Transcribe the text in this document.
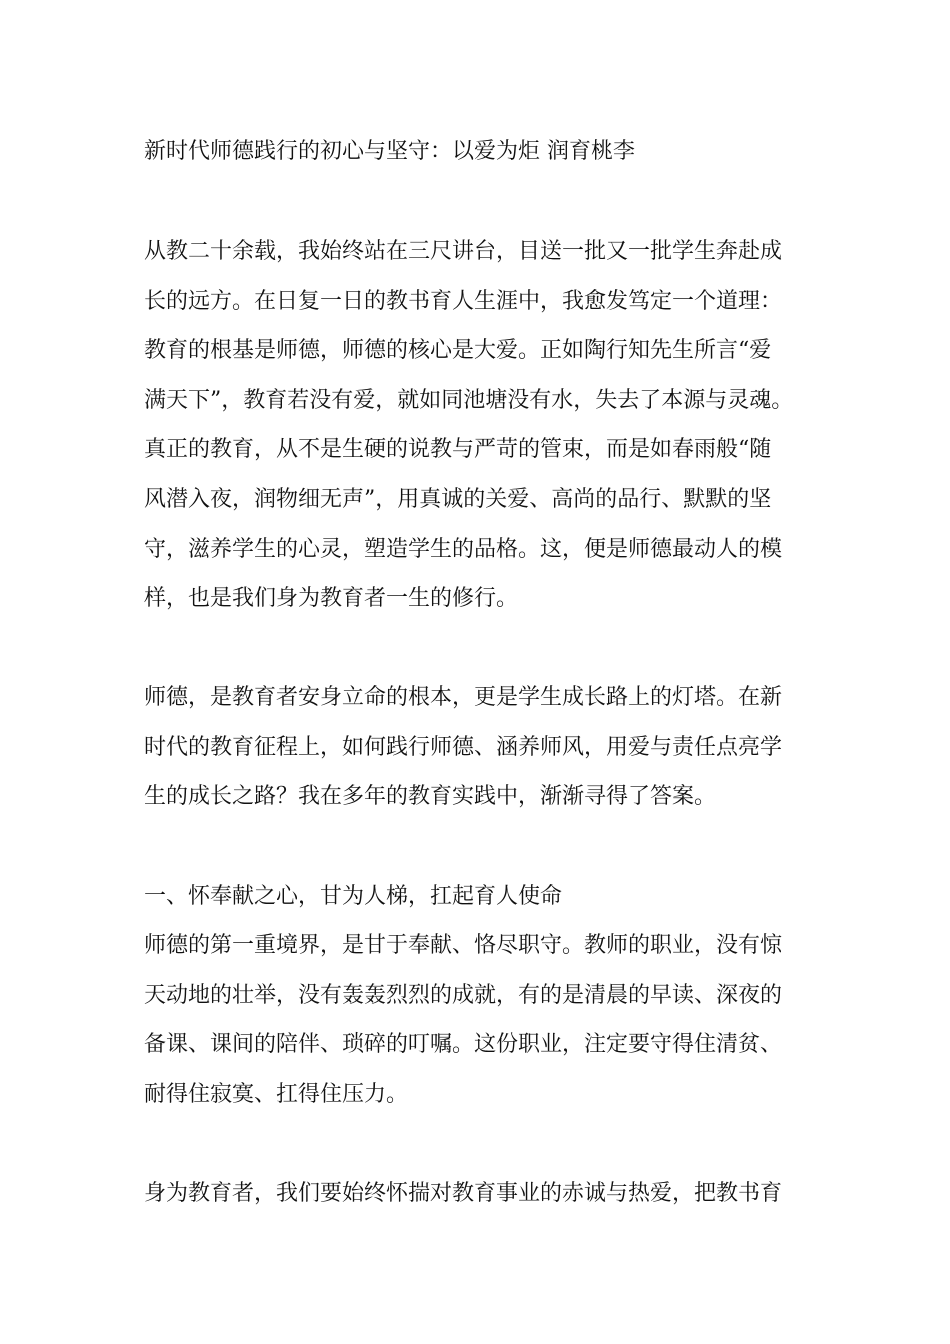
新时代师德践行的初心与坚守：以爱为炬 润育桃李
从教二十余载，我始终站在三尺讲台，目送一批又一批学生奔赴成
长的远方。在日复一日的教书育人生涯中，我愈发笃定一个道理：
教育的根基是师德，师德的核心是大爱。正如陶行知先生所言“爱
满天下”，教育若没有爱，就如同池塘没有水，失去了本源与灵魂。
真正的教育，从不是生硬的说教与严苛的管束，而是如春雨般“随
风潜入夜，润物细无声”，用真诚的关爱、高尚的品行、默默的坚
守，滋养学生的心灵，塑造学生的品格。这，便是师德最动人的模
样，也是我们身为教育者一生的修行。
师德，是教育者安身立命的根本，更是学生成长路上的灯塔。在新
时代的教育征程上，如何践行师德、涵养师风，用爱与责任点亮学
生的成长之路？我在多年的教育实践中，渐渐寻得了答案。
一、怀奉献之心，甘为人梯，扛起育人使命
师德的第一重境界，是甘于奉献、恪尽职守。教师的职业，没有惊
天动地的壮举，没有轰轰烈烈的成就，有的是清晨的早读、深夜的
备课、课间的陪伴、琐碎的叮嘱。这份职业，注定要守得住清贫、
耐得住寂寞、扛得住压力。
身为教育者，我们要始终怀揣对教育事业的赤诚与热爱，把教书育
